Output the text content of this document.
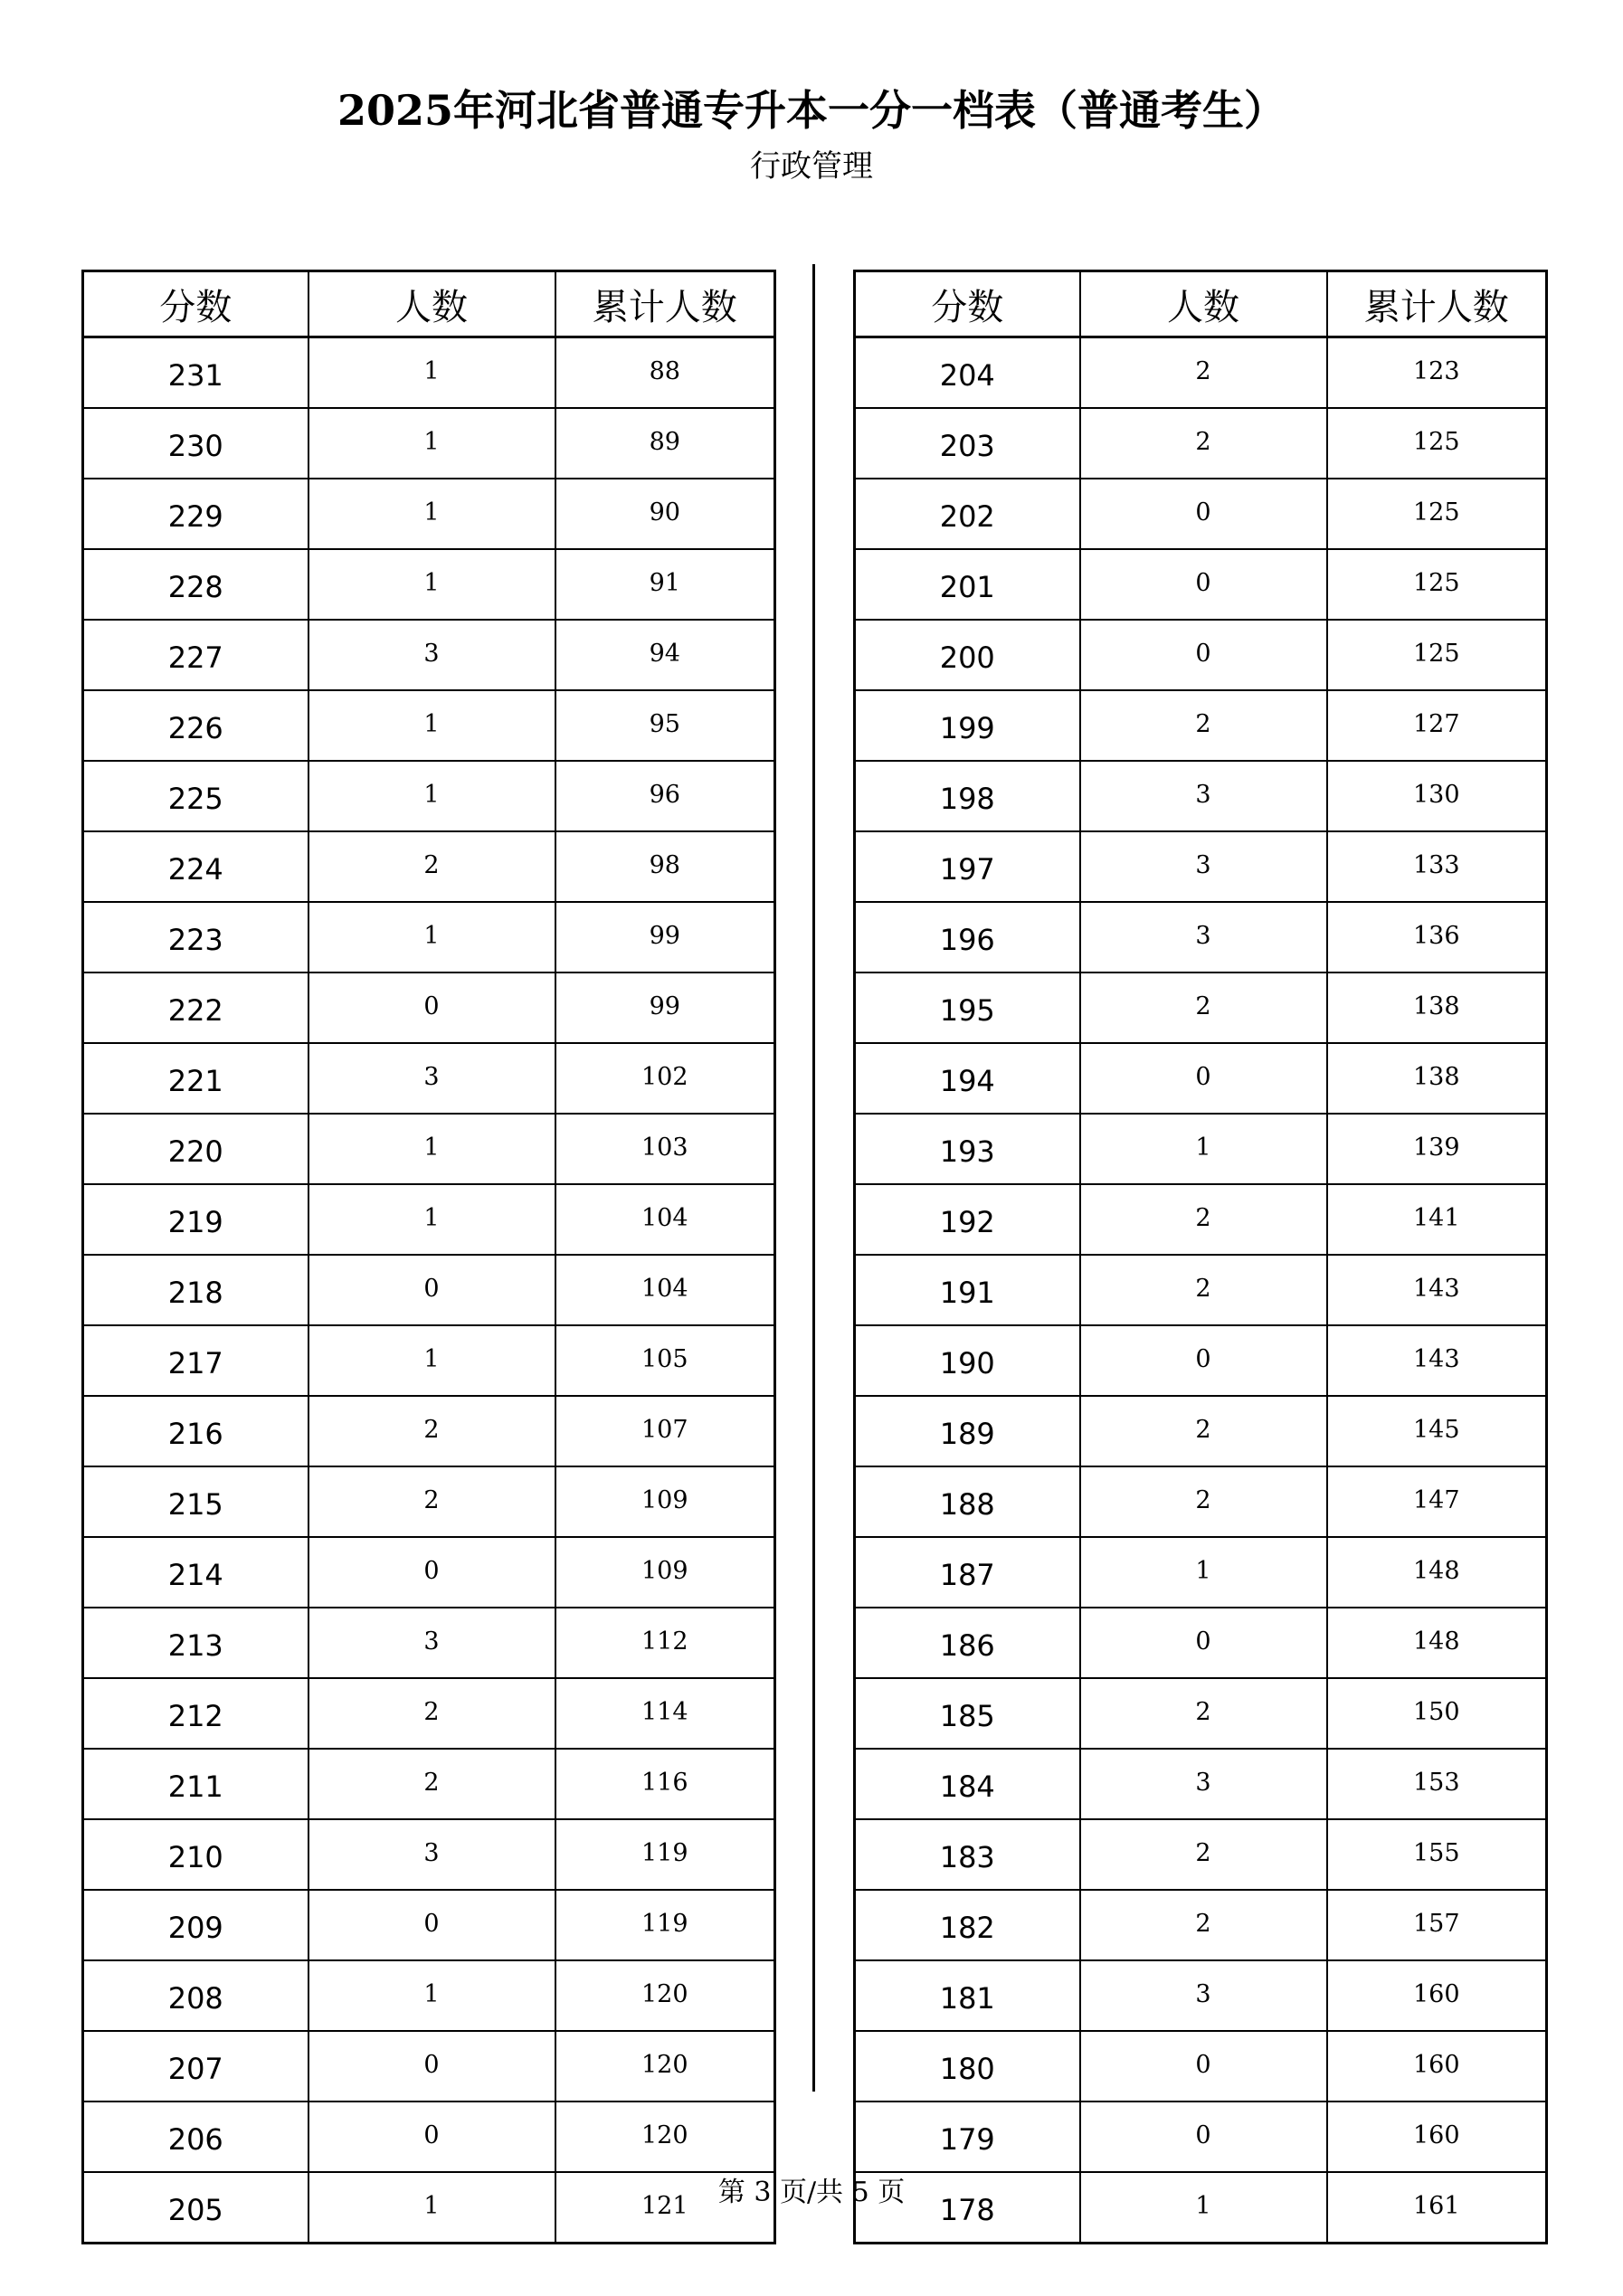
2025年河北省普通专升本一分一档表（普通考生）
行政管理
分数	人数	累计人数
231	1	88
230	1	89
229	1	90
228	1	91
227	3	94
226	1	95
225	1	96
224	2	98
223	1	99
222	0	99
221	3	102
220	1	103
219	1	104
218	0	104
217	1	105
216	2	107
215	2	109
214	0	109
213	3	112
212	2	114
211	2	116
210	3	119
209	0	119
208	1	120
207	0	120
206	0	120
205	1	121
分数	人数	累计人数
204	2	123
203	2	125
202	0	125
201	0	125
200	0	125
199	2	127
198	3	130
197	3	133
196	3	136
195	2	138
194	0	138
193	1	139
192	2	141
191	2	143
190	0	143
189	2	145
188	2	147
187	1	148
186	0	148
185	2	150
184	3	153
183	2	155
182	2	157
181	3	160
180	0	160
179	0	160
178	1	161
第 3 页/共 5 页
